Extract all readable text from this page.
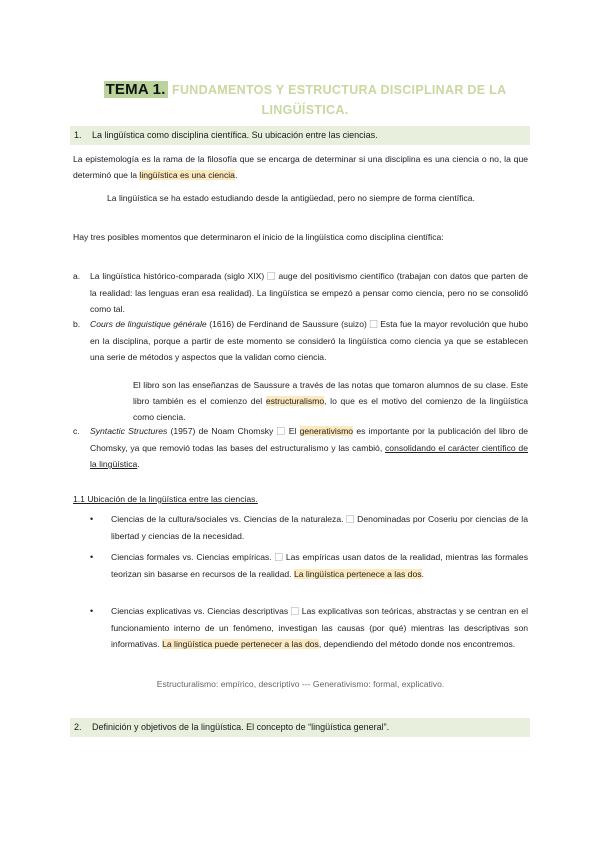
TEMA 1. FUNDAMENTOS Y ESTRUCTURA DISCIPLINAR DE LA
LINGÜÍSTICA.
1. La lingüística como disciplina científica. Su ubicación entre las ciencias.
La epistemología es la rama de la filosofía que se encarga de determinar si una disciplina es una ciencia o no, la que determinó que la lingüística es una ciencia.
La lingüística se ha estado estudiando desde la antigüedad, pero no siempre de forma científica.
Hay tres posibles momentos que determinaron el inicio de la lingüística como disciplina científica:
a. La lingüística histórico-comparada (siglo XIX) ⃞ auge del positivismo científico (trabajan con datos que parten de la realidad: las lenguas eran esa realidad). La lingüística se empezó a pensar como ciencia, pero no se consolidó como tal.
b. Cours de linguistique générale (1616) de Ferdinand de Saussure (suizo) ⃞ Esta fue la mayor revolución que hubo en la disciplina, porque a partir de este momento se consideró la lingüística como ciencia ya que se establecen una serie de métodos y aspectos que la validan como ciencia.
El libro son las enseñanzas de Saussure a través de las notas que tomaron alumnos de su clase. Este libro también es el comienzo del estructuralismo, lo que es el motivo del comienzo de la lingüística como ciencia.
c. Syntactic Structures (1957) de Noam Chomsky ⃞ El generativismo es importante por la publicación del libro de Chomsky, ya que removió todas las bases del estructuralismo y las cambió, consolidando el carácter científico de la lingüística.
1.1 Ubicación de la lingüística entre las ciencias.
• Ciencias de la cultura/sociales vs. Ciencias de la naturaleza. ⃞ Denominadas por Coseriu por ciencias de la libertad y ciencias de la necesidad.
• Ciencias formales vs. Ciencias empíricas. ⃞ Las empíricas usan datos de la realidad, mientras las formales teorizan sin basarse en recursos de la realidad. La lingüística pertenece a las dos.
• Ciencias explicativas vs. Ciencias descriptivas ⃞ Las explicativas son teóricas, abstractas y se centran en el funcionamiento interno de un fenómeno, investigan las causas (por qué) mientras las descriptivas son informativas. La lingüística puede pertenecer a las dos, dependiendo del método donde nos encontremos.
Estructuralismo: empírico, descriptivo --- Generativismo: formal, explicativo.
2. Definición y objetivos de la lingüística. El concepto de “lingüística general”.
